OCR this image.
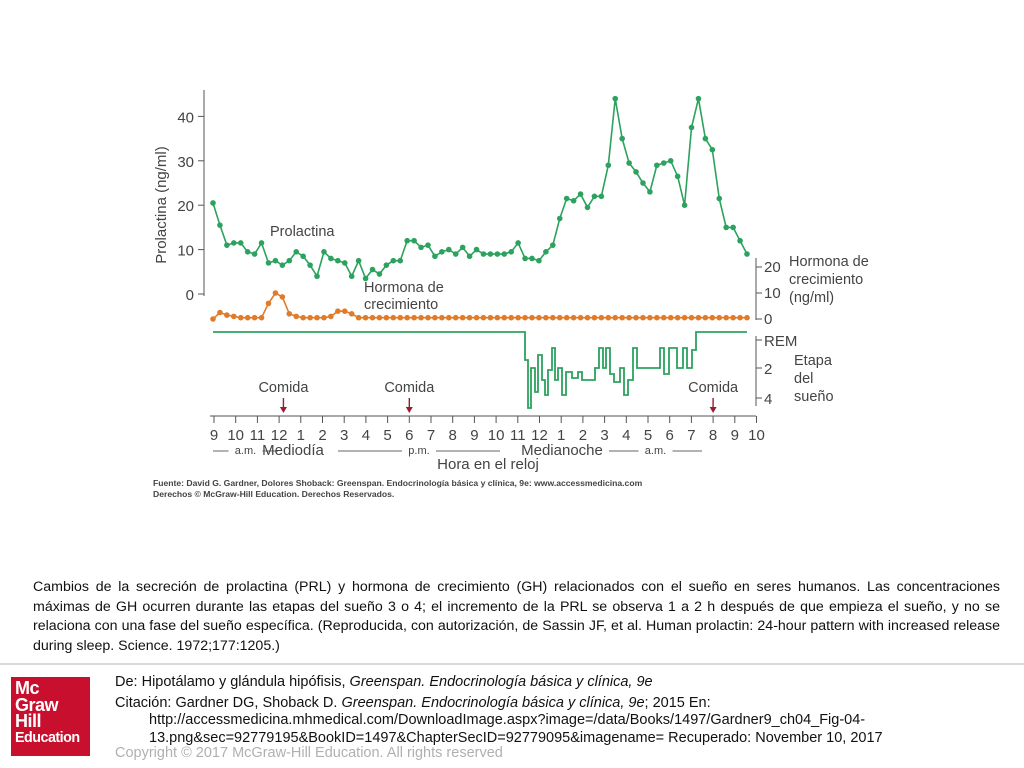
0
10
20
30
40
Prolactina (ng/ml)
0
10
20 Hormona de
crecimiento
(ng/ml)
REM
2
4
Etapa
del
sueño
Prolactina
Hormona de
crecimiento
Comida	Comida	Comida
9 10 11 12 1 2 3 4 5 6 7 8 9 10 11 12 1 2 3 4 5 6 7 8 9 10
a.m.	p.m.	a.m.
Mediodía	Medianoche
Hora en el reloj
Fuente: David G. Gardner, Dolores Shoback: Greenspan. Endocrinología básica y clínica, 9e: www.accessmedicina.com
Derechos © McGraw-Hill Education. Derechos Reservados.
Cambios de la secreción de prolactina (PRL) y hormona de crecimiento (GH) relacionados con el sueño en seres humanos. Las concentraciones máximas de GH ocurren durante las etapas del sueño 3 o 4; el incremento de la PRL se observa 1 a 2 h después de que empieza el sueño, y no se relaciona con una fase del sueño específica. (Reproducida, con autorización, de Sassin JF, et al. Human prolactin: 24-hour pattern with increased release during sleep. Science. 1972;177:1205.)
Mc
Graw
Hill
Education
De: Hipotálamo y glándula hipófisis, Greenspan. Endocrinología básica y clínica, 9e
Citación: Gardner DG, Shoback D. Greenspan. Endocrinología básica y clínica, 9e; 2015 En:
http://accessmedicina.mhmedical.com/DownloadImage.aspx?image=/data/Books/1497/Gardner9_ch04_Fig-04-
13.png&sec=92779195&BookID=1497&ChapterSecID=92779095&imagename= Recuperado: November 10, 2017
Copyright © 2017 McGraw-Hill Education. All rights reserved
